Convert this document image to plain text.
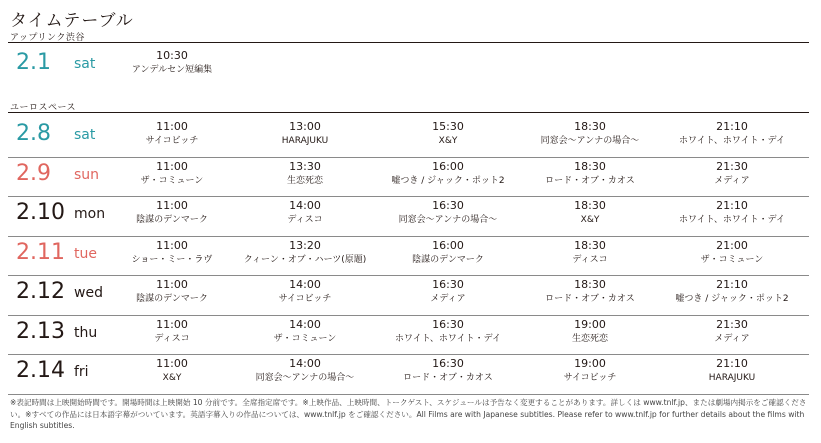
タイムテーブル
アップリンク渋谷
2.1 sat
10:30
アンデルセン短編集
ユーロスペース
2.8 sat
11:00
サイコビッチ
13:00
HARAJUKU
15:30
X&Y
18:30
同窓会〜アンナの場合〜
21:10
ホワイト、ホワイト・デイ
2.9 sun
11:00
ザ・コミューン
13:30
生恋死恋
16:00
嘘つき / ジャック・ポット2
18:30
ロード・オブ・カオス
21:30
メディア
2.10 mon
11:00
陰謀のデンマーク
14:00
ディスコ
16:30
同窓会〜アンナの場合〜
18:30
X&Y
21:10
ホワイト、ホワイト・デイ
2.11 tue
11:00
ショー・ミー・ラヴ
13:20
クィーン・オブ・ハーツ(原題)
16:00
陰謀のデンマーク
18:30
ディスコ
21:00
ザ・コミューン
2.12 wed
11:00
陰謀のデンマーク
14:00
サイコビッチ
16:30
メディア
18:30
ロード・オブ・カオス
21:10
嘘つき / ジャック・ポット2
2.13 thu
11:00
ディスコ
14:00
ザ・コミューン
16:30
ホワイト、ホワイト・デイ
19:00
生恋死恋
21:30
メディア
2.14 fri
11:00
X&Y
14:00
同窓会〜アンナの場合〜
16:30
ロード・オブ・カオス
19:00
サイコビッチ
21:10
HARAJUKU
※表記時間は上映開始時間です。開場時間は上映開始 10 分前です。全席指定席です。※上映作品、上映時間、トークゲスト、スケジュールは予告なく変更することがあります。詳しくは www.tnlf.jp、または劇場内掲示をご確認ください。※すべての作品には日本語字幕がついています。英語字幕入りの作品については、www.tnlf.jp をご確認ください。All Films are with Japanese subtitles. Please refer to www.tnlf.jp for further details about the films with English subtitles.
